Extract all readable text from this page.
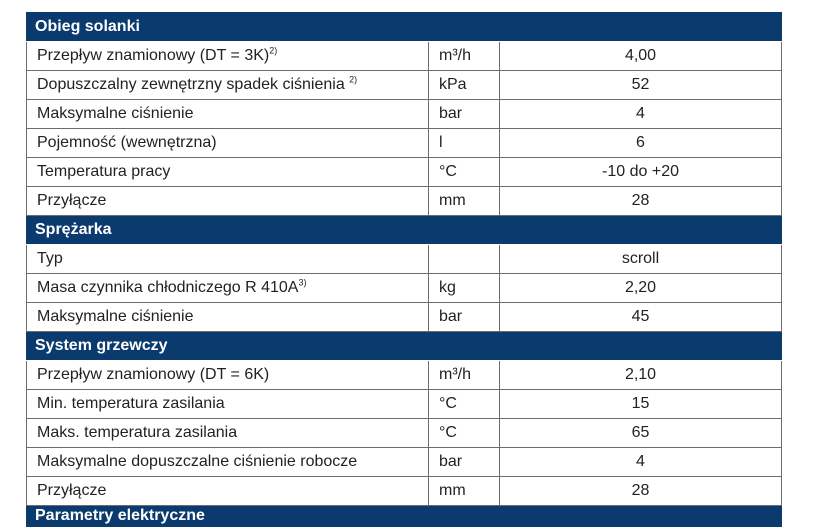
Obieg solanki		
Przepływ znamionowy (DT = 3K)$^{2)}$	m³/h	4,00
Dopuszczalny zewnętrzny spadek ciśnienia $^{2)}$	kPa	52
Maksymalne ciśnienie	bar	4
Pojemność (wewnętrzna)	l	6
Temperatura pracy	°C	-10 do +20
Przyłącze	mm	28
Sprężarka		
Typ		scroll
Masa czynnika chłodniczego R $410A^{3)}$	kg	2,20
Maksymalne ciśnienie	bar	45
System grzewczy		
Przepływ znamionowy (DT = 6K)	m³/h	2,10
Min. temperatura zasilania	°C	15
Maks. temperatura zasilania	°C	65
Maksymalne dopuszczalne ciśnienie robocze	bar	4
Przyłącze	mm	28
Parametry elektryczne		
